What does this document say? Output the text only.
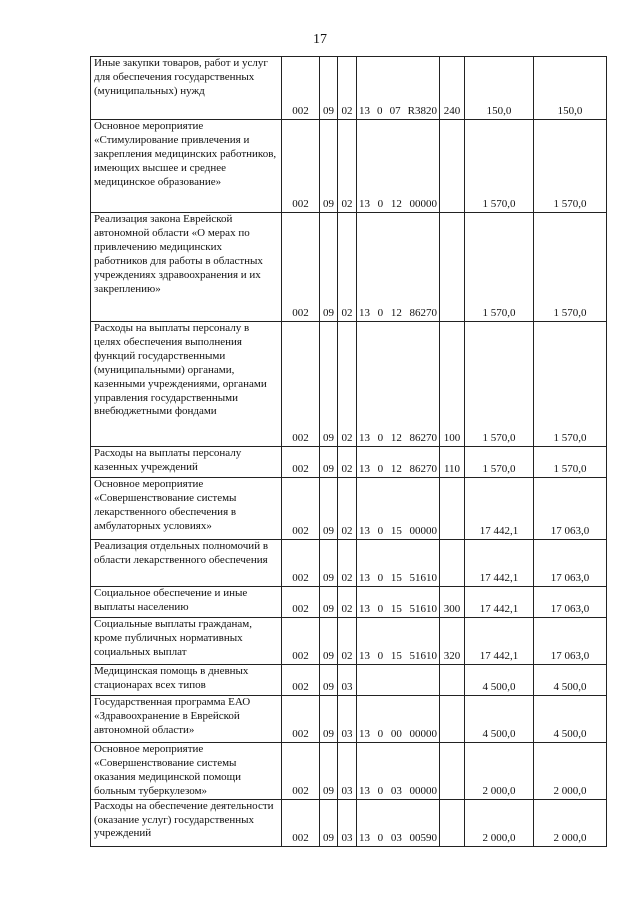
17
Иные закупки товаров, работ и услуг для обеспечения государственных (муниципальных) нужд	002	09	02	13 0 07 R3820	240	150,0	150,0
Основное мероприятие «Стимулирование привлечения и закрепления медицинских работников, имеющих высшее и среднее медицинское образование»	002	09	02	13 0 12 00000		1 570,0	1 570,0
Реализация закона Еврейской автономной области «О мерах по привлечению медицинских работников для работы в областных учреждениях здравоохранения и их закреплению»	002	09	02	13 0 12 86270		1 570,0	1 570,0
Расходы на выплаты персоналу в целях обеспечения выполнения функций государственными (муниципальными) органами, казенными учреждениями, органами управления государственными внебюджетными фондами	002	09	02	13 0 12 86270	100	1 570,0	1 570,0
Расходы на выплаты персоналу казенных учреждений	002	09	02	13 0 12 86270	110	1 570,0	1 570,0
Основное мероприятие «Совершенствование системы лекарственного обеспечения в амбулаторных условиях»	002	09	02	13 0 15 00000		17 442,1	17 063,0
Реализация отдельных полномочий в области лекарственного обеспечения	002	09	02	13 0 15 51610		17 442,1	17 063,0
Социальное обеспечение и иные выплаты населению	002	09	02	13 0 15 51610	300	17 442,1	17 063,0
Социальные выплаты гражданам, кроме публичных нормативных социальных выплат	002	09	02	13 0 15 51610	320	17 442,1	17 063,0
Медицинская помощь в дневных стационарах всех типов	002	09	03			4 500,0	4 500,0
Государственная программа ЕАО «Здравоохранение в Еврейской автономной области»	002	09	03	13 0 00 00000		4 500,0	4 500,0
Основное мероприятие «Совершенствование системы оказания медицинской помощи больным туберкулезом»	002	09	03	13 0 03 00000		2 000,0	2 000,0
Расходы на обеспечение деятельности (оказание услуг) государственных учреждений	002	09	03	13 0 03 00590		2 000,0	2 000,0
